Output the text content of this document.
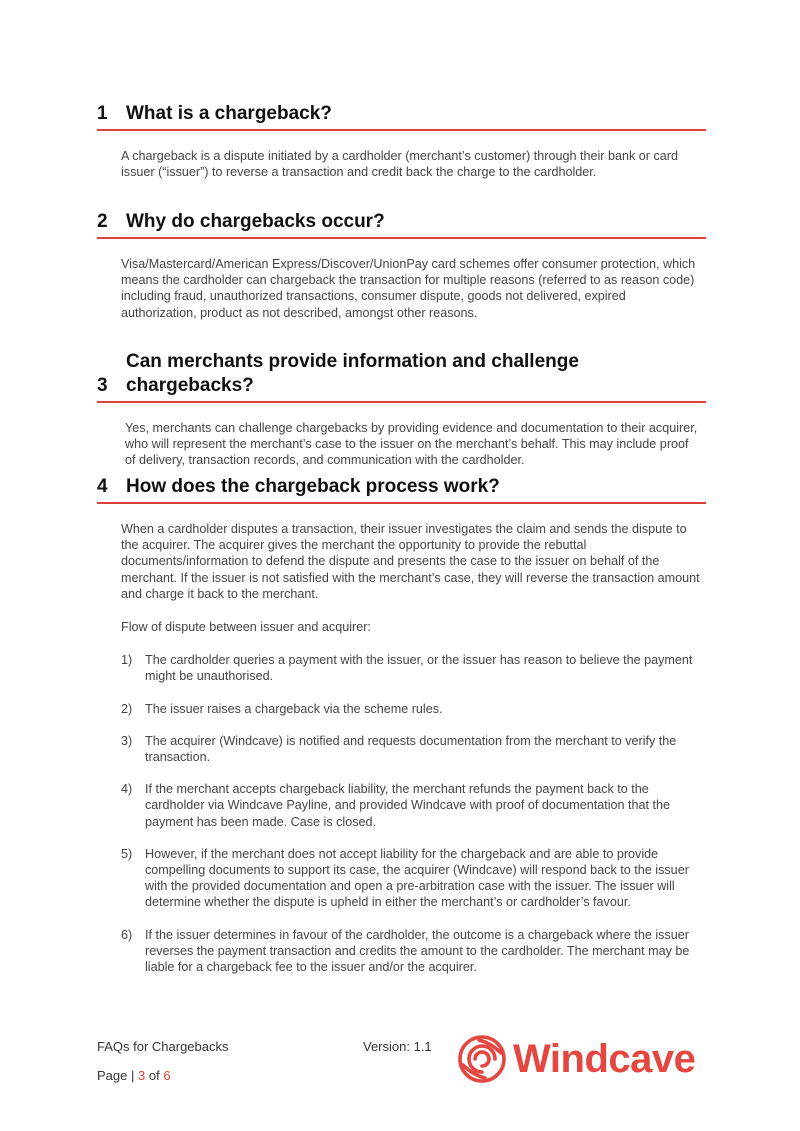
1 What is a chargeback?

A chargeback is a dispute initiated by a cardholder (merchant’s customer) through their bank or card issuer (“issuer”) to reverse a transaction and credit back the charge to the cardholder.

2 Why do chargebacks occur?

Visa/Mastercard/American Express/Discover/UnionPay card schemes offer consumer protection, which means the cardholder can chargeback the transaction for multiple reasons (referred to as reason code) including fraud, unauthorized transactions, consumer dispute, goods not delivered, expired authorization, product as not described, amongst other reasons.

3
Can merchants provide information and challenge chargebacks?

Yes, merchants can challenge chargebacks by providing evidence and documentation to their acquirer, who will represent the merchant’s case to the issuer on the merchant’s behalf. This may include proof of delivery, transaction records, and communication with the cardholder.

4 How does the chargeback process work?

When a cardholder disputes a transaction, their issuer investigates the claim and sends the dispute to the acquirer. The acquirer gives the merchant the opportunity to provide the rebuttal documents/information to defend the dispute and presents the case to the issuer on behalf of the merchant. If the issuer is not satisfied with the merchant’s case, they will reverse the transaction amount and charge it back to the merchant.

Flow of dispute between issuer and acquirer:

1) The cardholder queries a payment with the issuer, or the issuer has reason to believe the payment might be unauthorised.
2) The issuer raises a chargeback via the scheme rules.
3) The acquirer (Windcave) is notified and requests documentation from the merchant to verify the transaction.
4) If the merchant accepts chargeback liability, the merchant refunds the payment back to the cardholder via Windcave Payline, and provided Windcave with proof of documentation that the payment has been made. Case is closed.
5) However, if the merchant does not accept liability for the chargeback and are able to provide compelling documents to support its case, the acquirer (Windcave) will respond back to the issuer with the provided documentation and open a pre-arbitration case with the issuer. The issuer will determine whether the dispute is upheld in either the merchant’s or cardholder’s favour.
6) If the issuer determines in favour of the cardholder, the outcome is a chargeback where the issuer reverses the payment transaction and credits the amount to the cardholder. The merchant may be liable for a chargeback fee to the issuer and/or the acquirer.
FAQs for Chargebacks	Version: 1.1
Page | 3 of 6	Windcave
